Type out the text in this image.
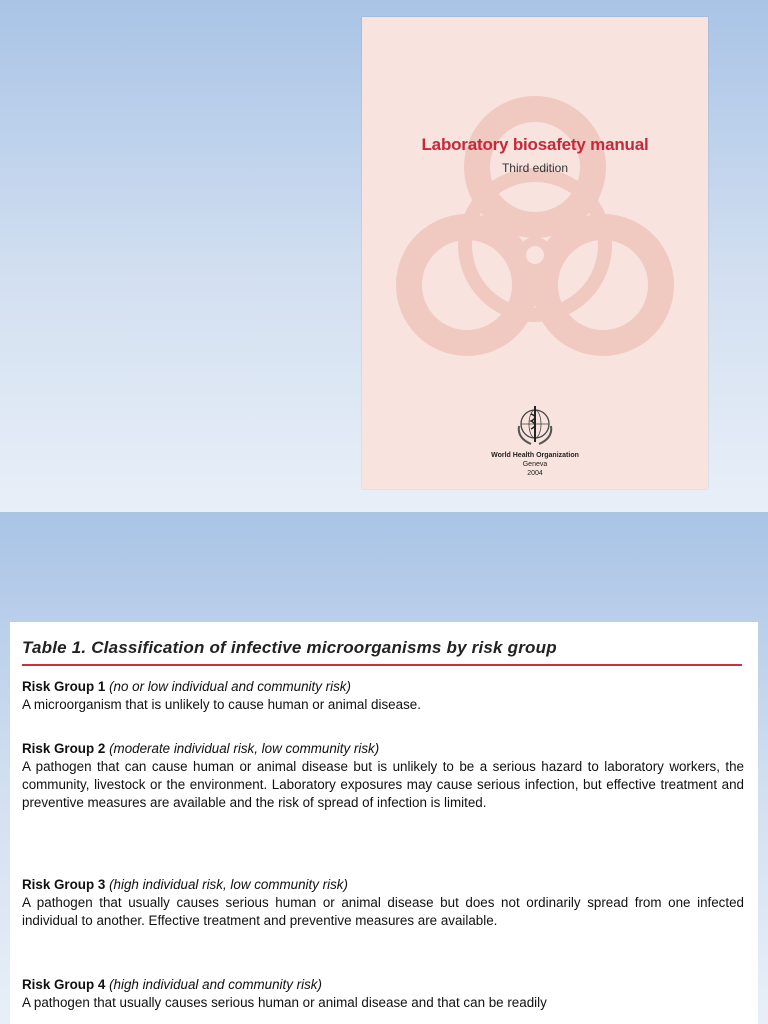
Laboratory biosafety manual
Third edition
World Health Organization
Geneva
2004
Table 1. Classification of infective microorganisms by risk group
Risk Group 1 (no or low individual and community risk)

A microorganism that is unlikely to cause human or animal disease.

Risk Group 2 (moderate individual risk, low community risk)

A pathogen that can cause human or animal disease but is unlikely to be a serious hazard to laboratory workers, the community, livestock or the environment. Laboratory exposures may cause serious infection, but effective treatment and preventive measures are available and the risk of spread of infection is limited.

Risk Group 3 (high individual risk, low community risk)

A pathogen that usually causes serious human or animal disease but does not ordinarily spread from one infected individual to another. Effective treatment and preventive measures are available.

Risk Group 4 (high individual and community risk)

A pathogen that usually causes serious human or animal disease and that can be readily
